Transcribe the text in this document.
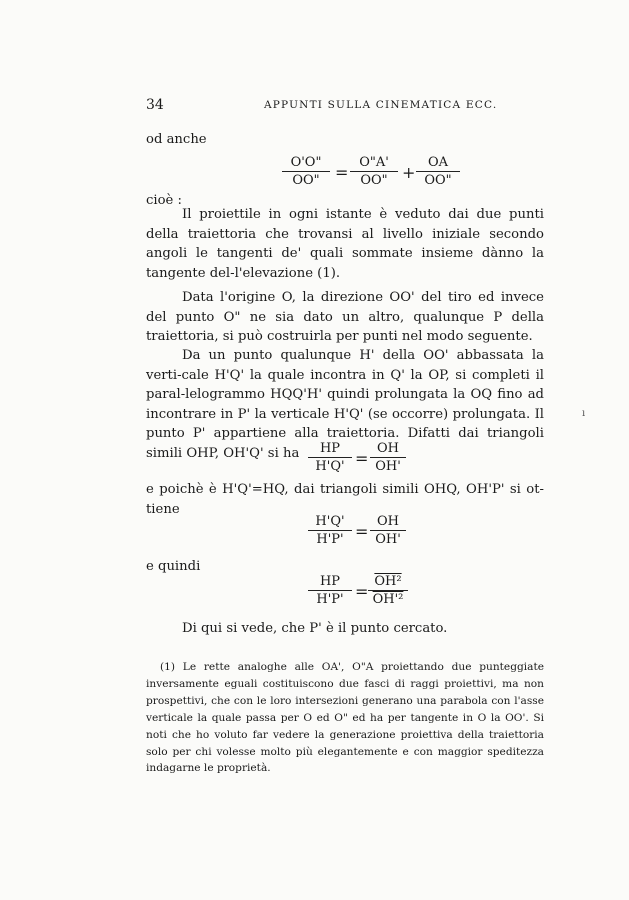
34	APPUNTI SULLA CINEMATICA ECC.
od anche
$\frac{O'O"}{OO"} = \frac{O"A'}{OO"} + \frac{OA}{OO"}$
cioè :
Il proiettile in ogni istante è veduto dai due punti della traiettoria che trovansi al livello iniziale secondo angoli le tangenti de' quali sommate insieme dànno la tangente del-l'elevazione (1).
Data l'origine O, la direzione OO' del tiro ed invece del punto O" ne sia dato un altro, qualunque P della traiettoria, si può costruirla per punti nel modo seguente.
Da un punto qualunque H' della OO' abbassata la verti-cale H'Q' la quale incontra in Q' la OP, si completi il paral-lelogrammo HQQ'H' quindi prolungata la OQ fino ad incontrare in P' la verticale H'Q' (se occorre) prolungata. Il punto P' appartiene alla traiettoria. Difatti dai triangoli simili OHP, OH'Q' si ha $\frac{HP}{H'Q'} = \frac{OH}{OH'}$
e poichè è H'Q'=HQ, dai triangoli simili OHQ, OH'P' si ot-tiene
$\frac{H'Q'}{H'P'} = \frac{OH}{OH'}$
e quindi
$\frac{HP}{H'P'} = \frac{\text{OH²}}{\text{OH'²}}$
Di qui si vede, che P' è il punto cercato.
(1) Le rette analoghe alle OA', O"A proiettando due punteggiate inversamente eguali costituiscono due fasci di raggi proiettivi, ma non prospettivi, che con le loro intersezioni generano una parabola con l'asse verticale la quale passa per O ed O" ed ha per tangente in O la OO'. Si noti che ho voluto far vedere la generazione proiettiva della traiettoria solo per chi volesse molto più elegantemente e con maggior speditezza indagarne le proprietà.
ı
